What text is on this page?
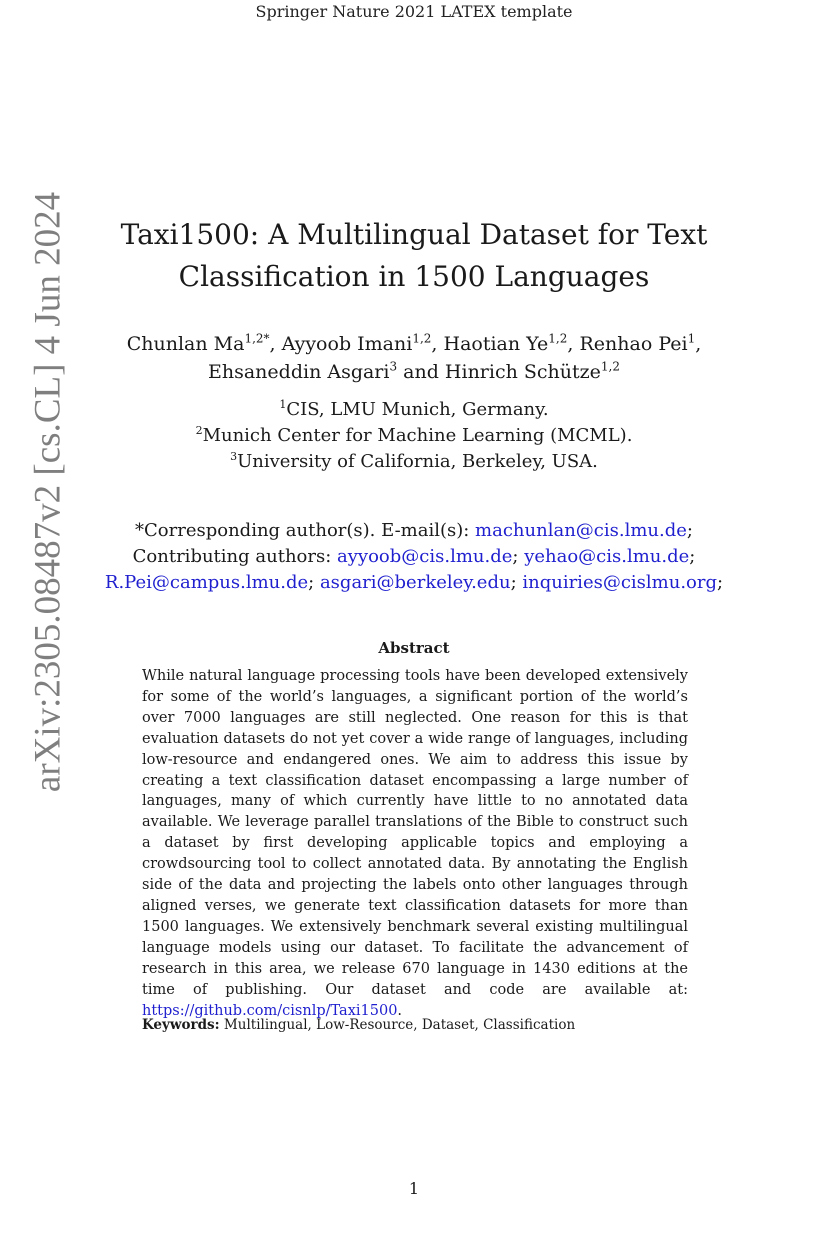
Springer Nature 2021 LATEX template
arXiv:2305.08487v2 [cs.CL] 4 Jun 2024	Taxi1500: A Multilingual Dataset for Text
Classification in 1500 Languages
Chunlan $Ma^{1,2*}$, Ayyoob Imani$^{1,2}$, Haotian Ye$^{1,2}$, Renhao Pei$^1$, Ehsaneddin Asgari$^3$ and Hinrich Schütze$^{1,2}$
$^1$CIS, LMU Munich, Germany.
$^2$Munich Center for Machine Learning (MCML).
$^3$University of California, Berkeley, USA.
*Corresponding author(s). E-mail(s): machunlan@cis.lmu.de;
Contributing authors: ayyoob@cis.lmu.de; yehao@cis.lmu.de;
R.Pei@campus.lmu.de; asgari@berkeley.edu; inquiries@cislmu.org;
Abstract
While natural language processing tools have been developed extensively for some of the world’s languages, a significant portion of the world’s over 7000 languages are still neglected. One reason for this is that evaluation datasets do not yet cover a wide range of languages, including low-resource and endangered ones. We aim to address this issue by creating a text classification dataset encompassing a large number of languages, many of which currently have little to no annotated data available. We leverage parallel translations of the Bible to construct such a dataset by first developing applicable topics and employing a crowdsourcing tool to collect annotated data. By annotating the English side of the data and projecting the labels onto other languages through aligned verses, we generate text classification datasets for more than 1500 languages. We extensively benchmark several existing multilingual language models using our dataset. To facilitate the advancement of research in this area, we release 670 language in 1430 editions at the time of publishing. Our dataset and code are available at: https://github.com/cisnlp/Taxi1500.
Keywords: Multilingual, Low-Resource, Dataset, Classification
1
